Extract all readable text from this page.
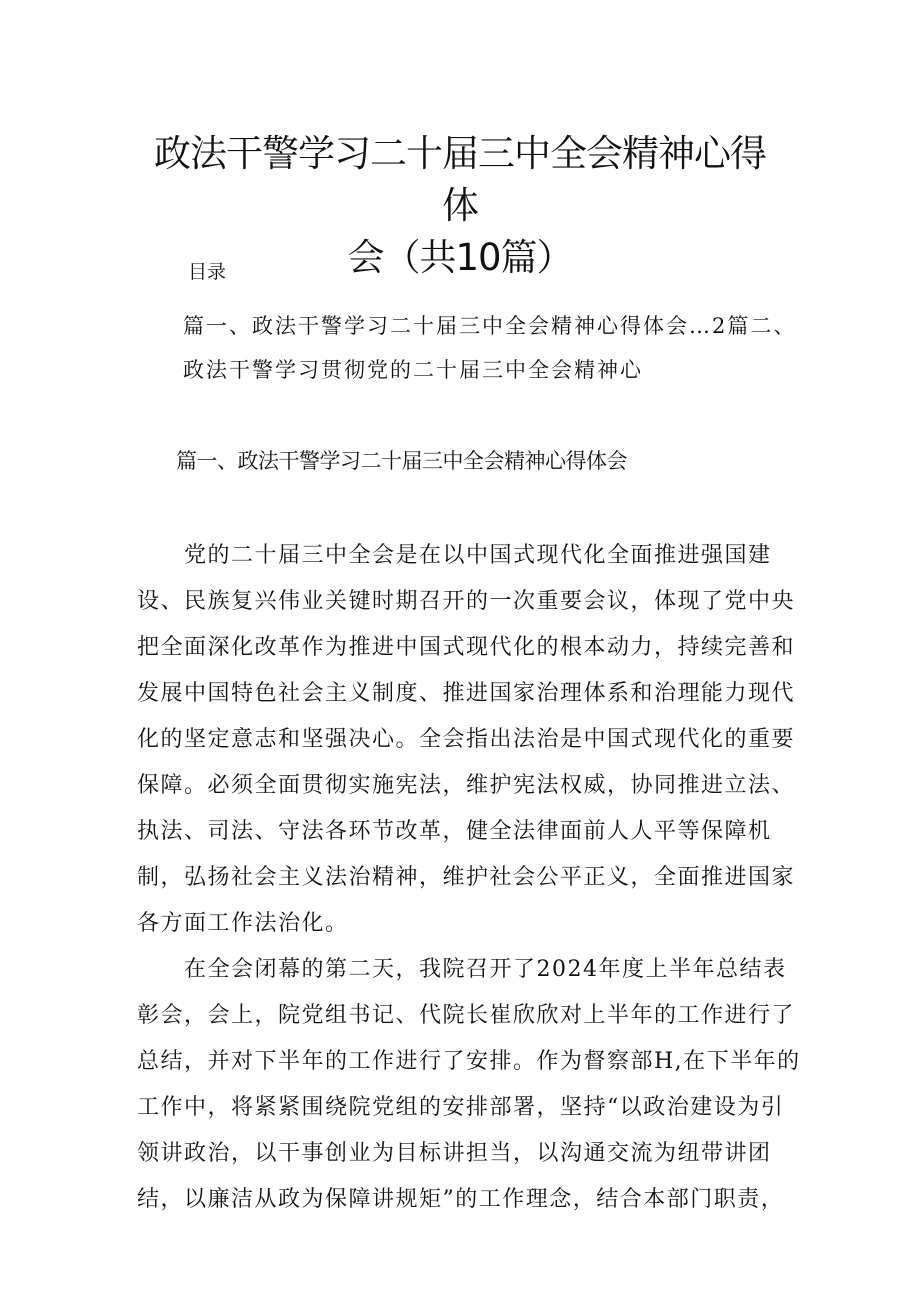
政法干警学习二十届三中全会精神心得体
会（共10篇）
目录
篇一、政法干警学习二十届三中全会精神心得体会…2篇二、
政法干警学习贯彻党的二十届三中全会精神心
篇一、政法干警学习二十届三中全会精神心得体会
党的二十届三中全会是在以中国式现代化全面推进强国建
设、民族复兴伟业关键时期召开的一次重要会议，体现了党中央
把全面深化改革作为推进中国式现代化的根本动力，持续完善和
发展中国特色社会主义制度、推进国家治理体系和治理能力现代
化的坚定意志和坚强决心。全会指出法治是中国式现代化的重要
保障。必须全面贯彻实施宪法，维护宪法权威，协同推进立法、
执法、司法、守法各环节改革，健全法律面前人人平等保障机
制，弘扬社会主义法治精神，维护社会公平正义，全面推进国家
各方面工作法治化。
在全会闭幕的第二天，我院召开了2024年度上半年总结表
彰会，会上，院党组书记、代院长崔欣欣对上半年的工作进行了
总结，并对下半年的工作进行了安排。作为督察部H,在下半年的
工作中，将紧紧围绕院党组的安排部署，坚持“以政治建设为引
领讲政治，以干事创业为目标讲担当，以沟通交流为纽带讲团
结，以廉洁从政为保障讲规矩”的工作理念，结合本部门职责，
